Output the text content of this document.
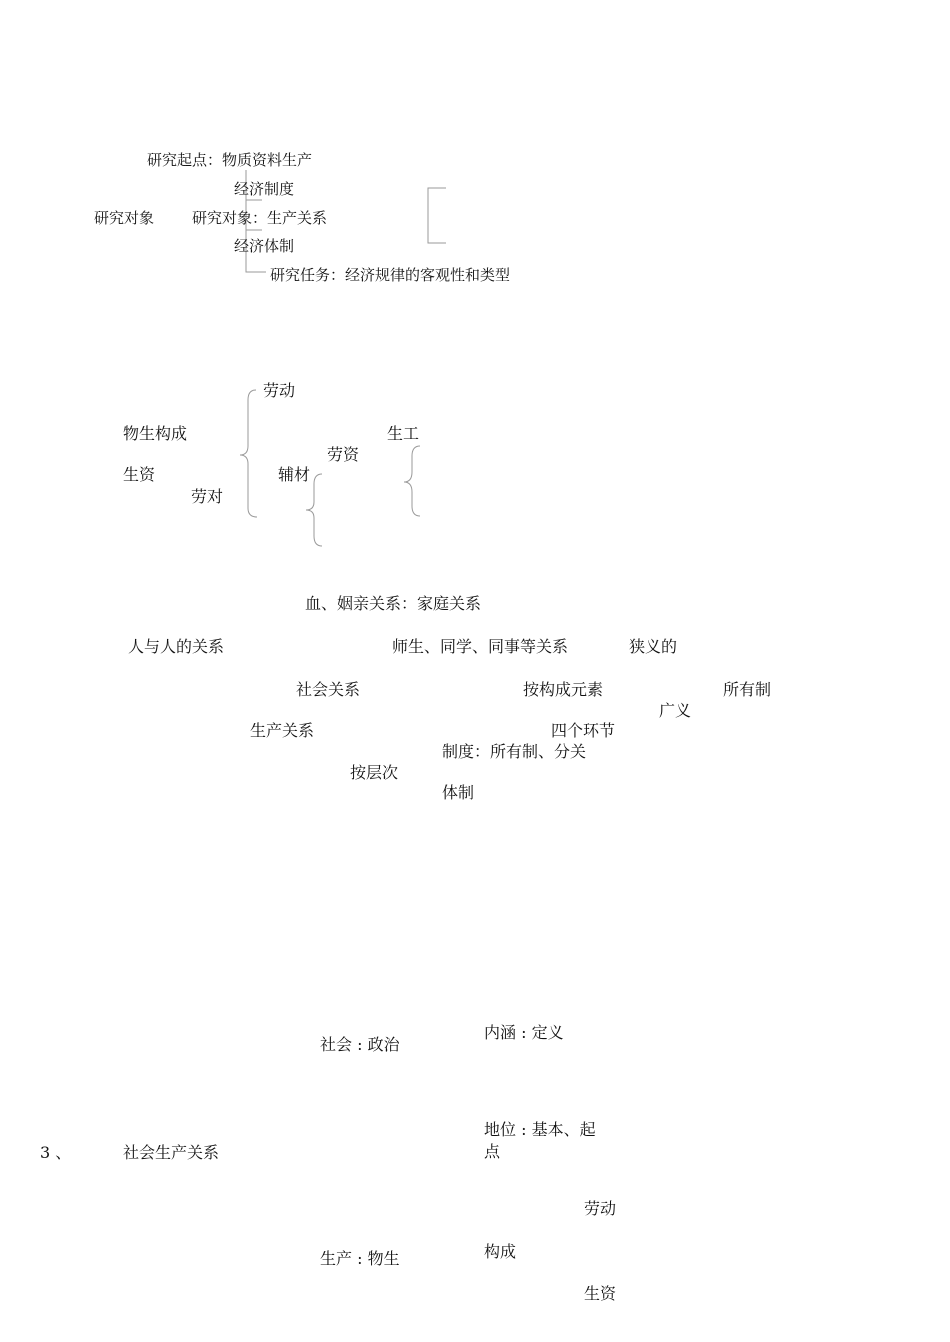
研究起点：物质资料生产
经济制度
研究对象	研究对象：生产关系
经济体制
研究任务：经济规律的客观性和类型
劳动
物生构成	生工
劳资
生资	辅材
劳对
血、姻亲关系：家庭关系
人与人的关系	师生、同学、同事等关系	狭义的
社会关系	按构成元素	所有制
广义
生产关系	四个环节
制度：所有制、分关
按层次
体制
内涵 : 定义
社会 : 政治
地位 : 基本、起
3 、	社会生产关系	点
劳动
构成
生产 : 物生
生资
